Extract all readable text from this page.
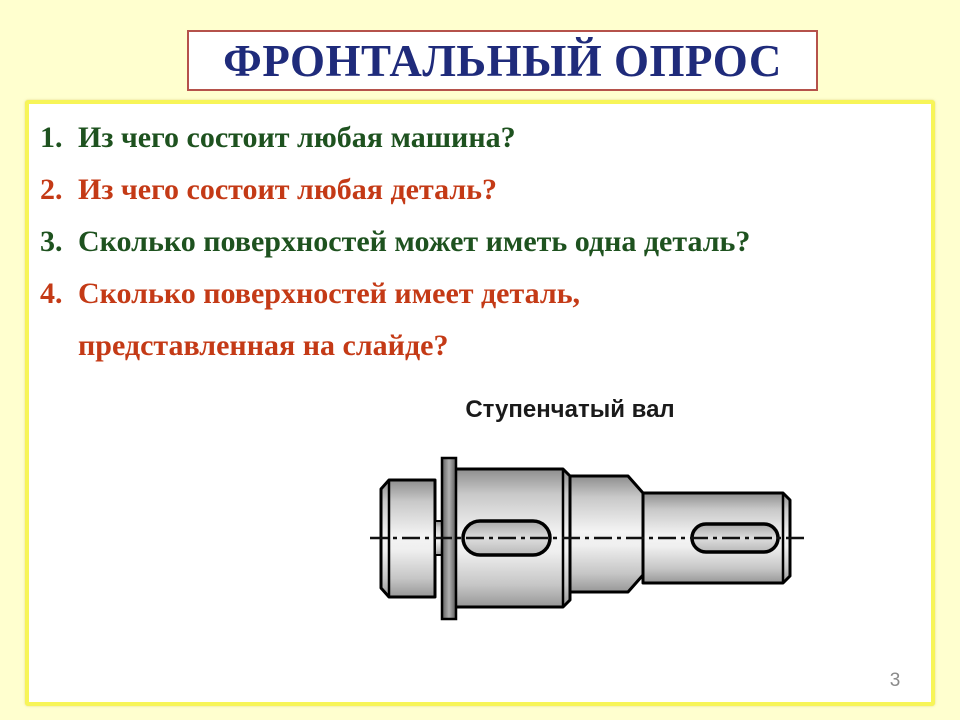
ФРОНТАЛЬНЫЙ ОПРОС
1. Из чего состоит любая машина?
2. Из чего состоит любая деталь?
3. Сколько поверхностей может иметь одна деталь?
4. Сколько поверхностей имеет деталь,
представленная на слайде?
Ступенчатый вал
3
